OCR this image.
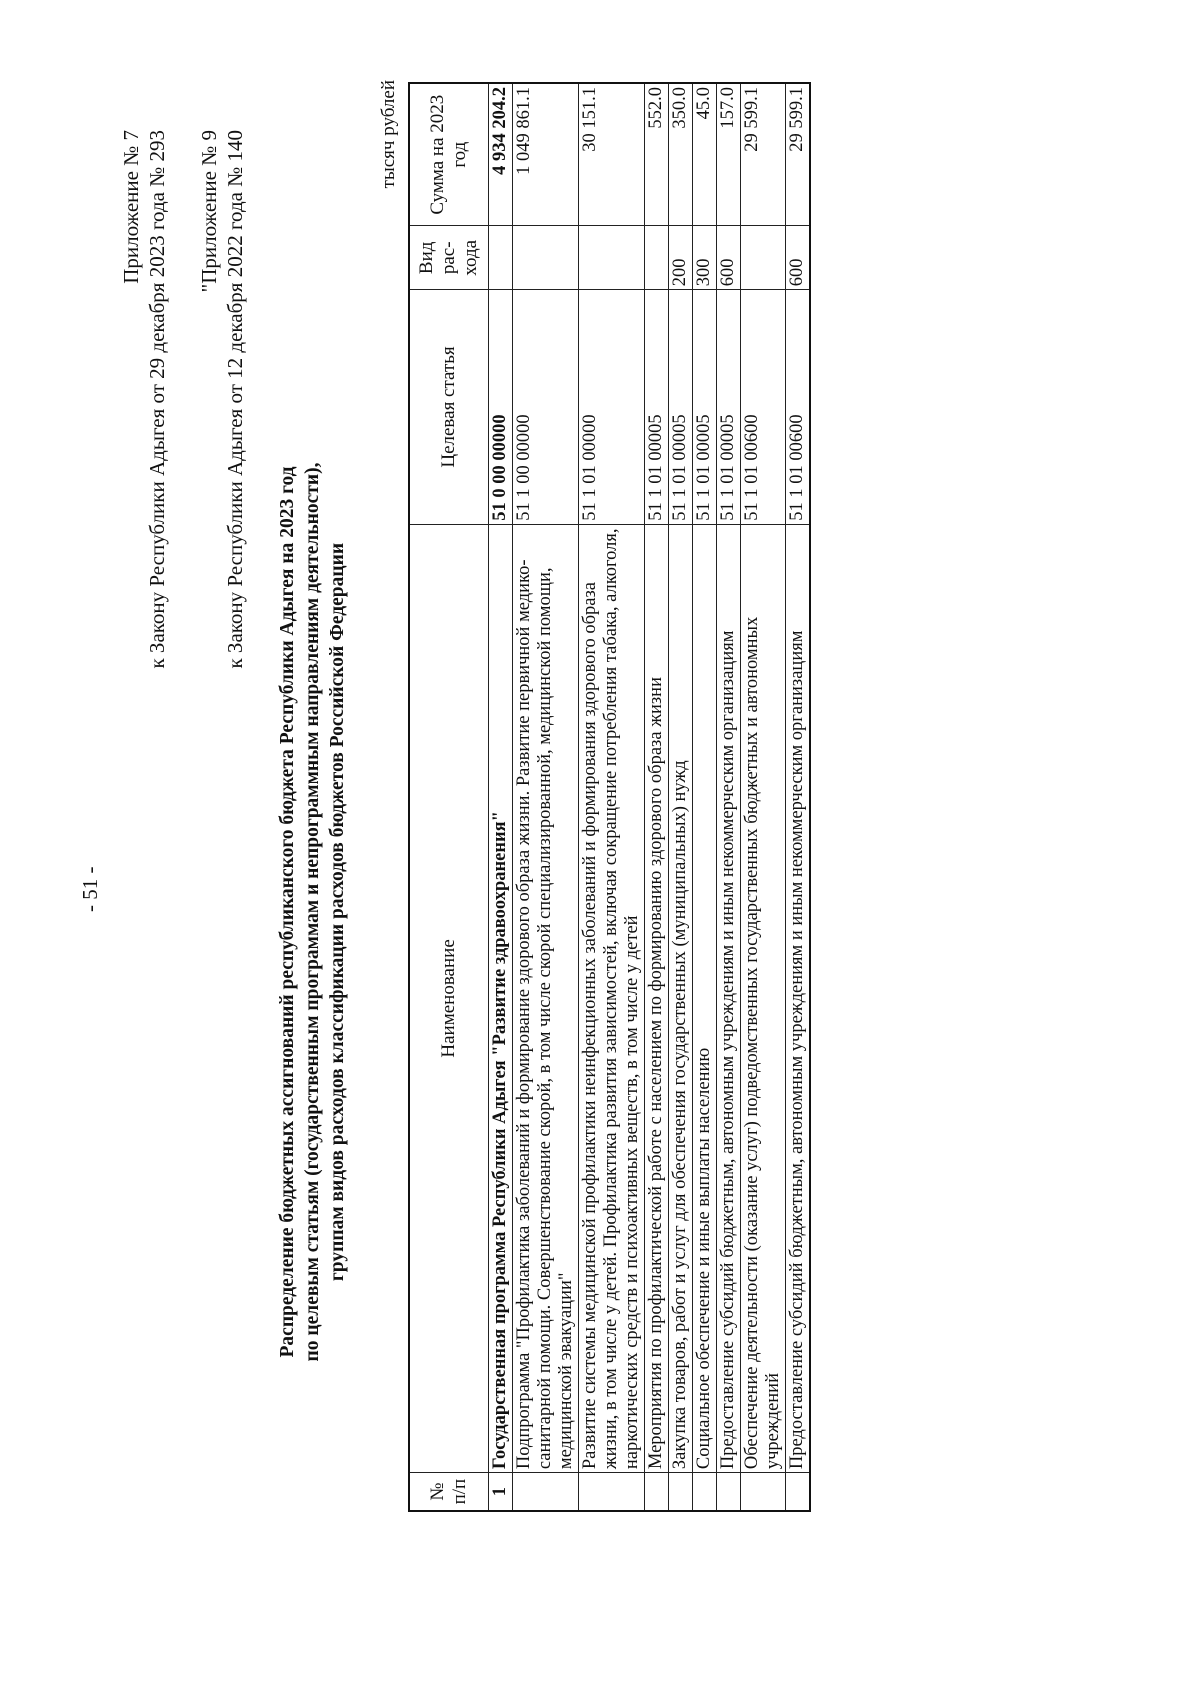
- 51 -
Приложение № 7 к Закону Республики Адыгея от 29 декабря 2023 года № 293 "Приложение № 9 к Закону Республики Адыгея от 12 декабря 2022 года № 140
Распределение бюджетных ассигнований республиканского бюджета Республики Адыгея на 2023 год по целевым статьям (государственным программам и непрограммным направлениям деятельности), группам видов расходов классификации расходов бюджетов Российской Федерации
тысяч рублей
№ п/п	Наименование	Целевая статья	Вид рас-хода	Сумма на 2023 год
1	Государственная программа Республики Адыгея "Развитие здравоохранения"	51 0 00 00000		4 934 204.2
	Подпрограмма "Профилактика заболеваний и формирование здорового образа жизни. Развитие первичной медико-санитарной помощи. Совершенствование скорой, в том числе скорой специализированной, медицинской помощи, медицинской эвакуации"	51 1 00 00000		1 049 861.1
	Развитие системы медицинской профилактики неинфекционных заболеваний и формирования здорового образа жизни, в том числе у детей. Профилактика развития зависимостей, включая сокращение потребления табака, алкоголя, наркотических средств и психоактивных веществ, в том числе у детей	51 1 01 00000		30 151.1
	Мероприятия по профилактической работе с населением по формированию здорового образа жизни	51 1 01 00005		552.0
	Закупка товаров, работ и услуг для обеспечения государственных (муниципальных) нужд	51 1 01 00005	200	350.0
	Социальное обеспечение и иные выплаты населению	51 1 01 00005	300	45.0
	Предоставление субсидий бюджетным, автономным учреждениям и иным некоммерческим организациям	51 1 01 00005	600	157.0
	Обеспечение деятельности (оказание услуг) подведомственных государственных бюджетных и автономных учреждений	51 1 01 00600		29 599.1
	Предоставление субсидий бюджетным, автономным учреждениям и иным некоммерческим организациям	51 1 01 00600	600	29 599.1
